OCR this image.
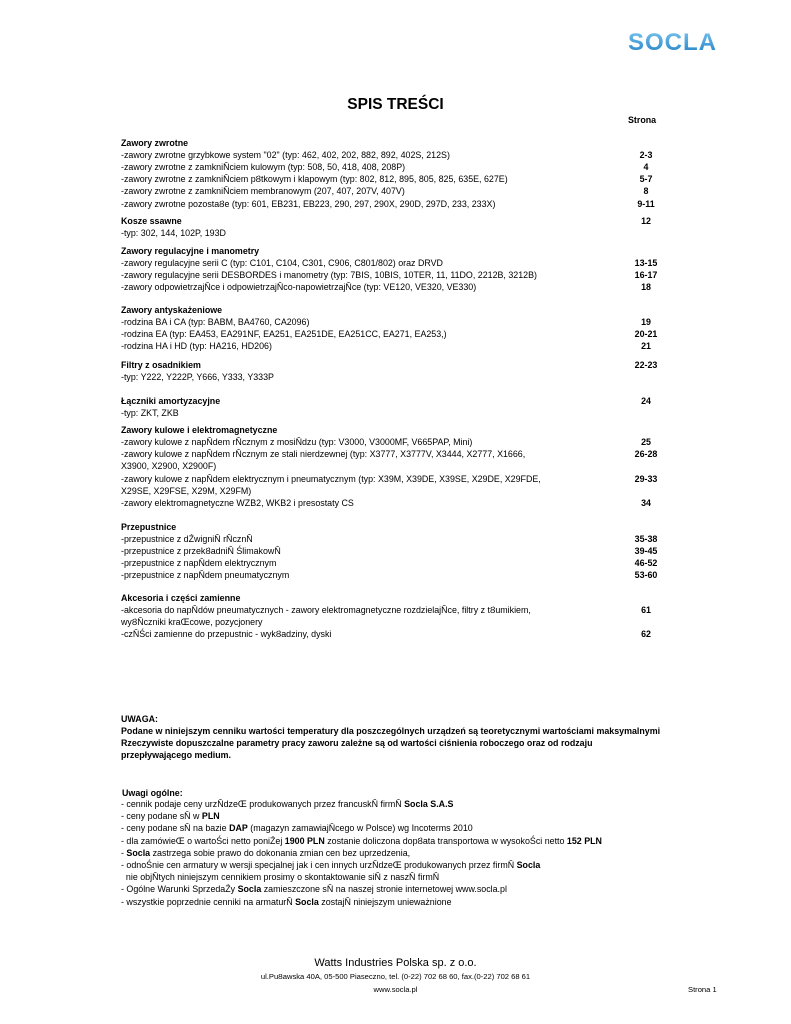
SOCLA
SPIS TREŚCI
Strona
Zawory zwrotne
-zawory zwrotne grzybkowe system "02" (typ: 462, 402, 202, 882, 892, 402S, 212S)	2-3
-zawory zwrotne z zamkniŇciem kulowym (typ: 508, 50, 418, 408, 208P)	4
-zawory zwrotne z zamkniŇciem pȢtkowym i klapowym (typ: 802, 812, 895, 805, 825, 635E, 627E)	5-7
-zawory zwrotne z zamkniŇciem membranowym (207, 407, 207V, 407V)	8
-zawory zwrotne pozostaȢe (typ: 601, EB231, EB223, 290, 297, 290X, 290D, 297D, 233, 233X)	9-11
Kosze ssawne	12
-typ: 302, 144, 102P, 193D
Zawory regulacyjne i manometry
-zawory regulacyjne serii C (typ: C101, C104, C301, C906, C801/802) oraz DRVD	13-15
-zawory regulacyjne serii DESBORDES i manometry (typ: 7BIS, 10BIS, 10TER, 11, 11DO, 2212B, 3212B)	16-17
-zawory odpowietrzajŇce i odpowietrzajŇco-napowietrzajŇce (typ: VE120, VE320, VE330)	18
Zawory antyskażeniowe
-rodzina BA i CA (typ: BABM, BA4760, CA2096)	19
-rodzina EA (typ: EA453, EA291NF, EA251, EA251DE, EA251CC, EA271, EA253,)	20-21
-rodzina HA i HD (typ: HA216, HD206)	21
Filtry z osadnikiem	22-23
-typ: Y222, Y222P, Y666, Y333, Y333P
Łączniki amortyzacyjne	24
-typ: ZKT, ZKB
Zawory kulowe i elektromagnetyczne
-zawory kulowe z napŇdem rŇcznym z mosiŇdzu (typ: V3000, V3000MF, V665PAP, Mini)	25
-zawory kulowe z napŇdem rŇcznym ze stali nierdzewnej (typ: X3777, X3777V, X3444, X2777, X1666,	26-28
X3900, X2900, X2900F)
-zawory kulowe z napŇdem elektrycznym i pneumatycznym (typ: X39M, X39DE, X39SE, X29DE, X29FDE,	29-33
X29SE, X29FSE, X29M, X29FM)
-zawory elektromagnetyczne WZB2, WKB2 i presostaty CS	34
Przepustnice
-przepustnice z dŹwigniŇ rŇcznŇ	35-38
-przepustnice z przekȢadniŇ ŚlimakowŇ	39-45
-przepustnice z napŇdem elektrycznym	46-52
-przepustnice z napŇdem pneumatycznym	53-60
Akcesoria i części zamienne
-akcesoria do napŇdów pneumatycznych - zawory elektromagnetyczne rozdzielajŇce, filtry z tȢumikiem,	61
wyȢŇczniki kraŒcowe, pozycjonery
-czŇŚci zamienne do przepustnic - wykȢadziny, dyski	62
UWAGA:
Podane w niniejszym cenniku wartości temperatury dla poszczególnych urządzeń są teoretycznymi wartościami maksymalnymi
Rzeczywiste dopuszczalne parametry pracy zaworu zależne są od wartości ciśnienia roboczego oraz od rodzaju
przepływającego medium.
Uwagi ogólne:
- cennik podaje ceny urzŇdzeŒ produkowanych przez francuskŇ firmŇ Socla S.A.S
- ceny podane sŇ w PLN
- ceny podane sŇ na bazie DAP (magazyn zamawiajŇcego w Polsce) wg Incoterms 2010
- dla zamówieŒ o wartoŚci netto poniŹej 1900 PLN zostanie doliczona dopȢata transportowa w wysokoŚci netto 152 PLN
- Socla zastrzega sobie prawo do dokonania zmian cen bez uprzedzenia,
- odnoŚnie cen armatury w wersji specjalnej jak i cen innych urzŇdzeŒ produkowanych przez firmŇ Socla
nie objŇtych niniejszym cennikiem prosimy o skontaktowanie siŇ z naszŇ firmŇ
- Ogólne Warunki SprzedaŹy Socla zamieszczone sŇ na naszej stronie internetowej www.socla.pl
- wszystkie poprzednie cenniki na armaturŇ Socla zostajŇ niniejszym unieważnione
Watts Industries Polska sp. z o.o.
ul.PuȢawska 40A, 05-500 Piaseczno, tel. (0-22) 702 68 60, fax.(0-22) 702 68 61
www.socla.pl	Strona 1
